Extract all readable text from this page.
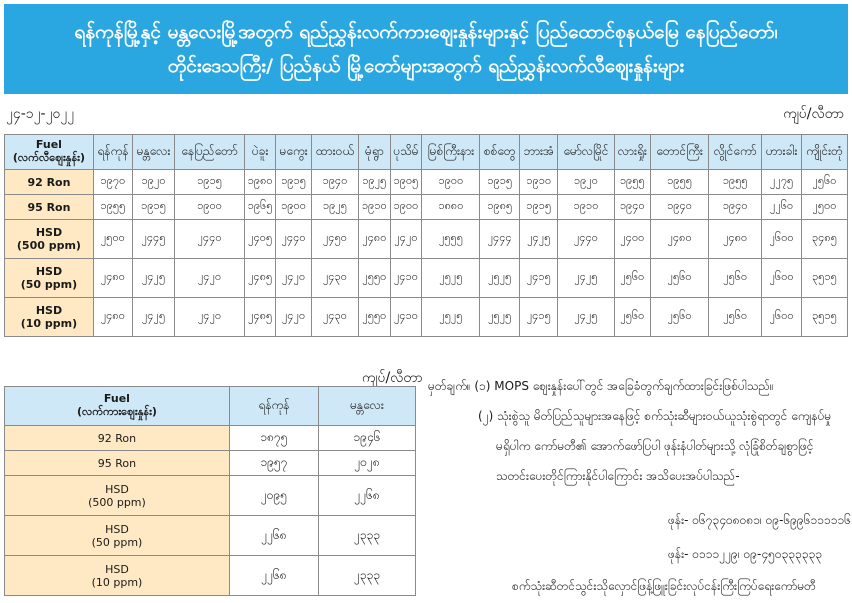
ရန်ကုန်မြို့နှင့် မန္တလေးမြို့အတွက် ရည်ညွှန်းလက်ကားဈေးနှုန်းများနှင့် ပြည်ထောင်စုနယ်မြေ နေပြည်တော်၊
တိုင်းဒေသကြီး/ ပြည်နယ် မြို့တော်များအတွက် ရည်ညွှန်းလက်လီဈေးနှုန်းများ
၂၄-၁၂-၂၀၂၂	ကျပ်/လီတာ
Fuel
(လက်လီဈေးနှုန်း)	ရန်ကုန်	မန္တလေး	နေပြည်တော်	ပဲခူး	မကွေး	ထားဝယ်	မုံရွာ	ပုသိမ်	မြစ်ကြီးနား	စစ်တွေ	ဘားအံ	မော်လမြိုင်	လားရှိုး	တောင်ကြီး	လွိုင်ကော်	ဟားခါး	ကျိုင်းတုံ

92 Ron	၁၉၇၀	၁၉၂၀	၁၉၁၅	၁၉၈၀	၁၉၁၅	၁၉၄၀	၁၉၂၅	၁၉၀၅	၁၉၀၀	၁၉၁၅	၁၉၁၀	၁၉၂၀	၁၉၅၅	၁၉၅၅	၁၉၅၅	၂၂၇၅	၂၅၆၀

95 Ron	၁၉၅၅	၁၉၁၅	၁၉၀၀	၁၉၆၅	၁၉၀၀	၁၉၂၅	၁၉၁၀	၁၉၀၀	၁၈၈၀	၁၉၈၅	၁၉၁၅	၁၉၁၀	၁၉၄၀	၁၉၄၀	၁၉၄၀	၂၂၆၀	၂၅၀၀

HSD
(500 ppm)	၂၅၀၀	၂၄၄၅	၂၄၄၀	၂၄၀၅	၂၄၄၀	၂၄၅၀	၂၄၈၀	၂၄၂၀	၂၅၅၅	၂၄၄၄	၂၄၂၅	၂၄၄၀	၂၄၀၀	၂၄၈၀	၂၄၈၀	၂၆၀၀	၃၄၈၅

HSD
(50 ppm)	၂၄၈၀	၂၄၂၅	၂၄၂၀	၂၄၈၅	၂၄၂၀	၂၄၃၀	၂၅၅၀	၂၄၁၀	၂၅၂၅	၂၅၂၅	၂၄၁၅	၂၄၂၅	၂၅၆၀	၂၅၆၀	၂၅၆၀	၂၆၀၀	၃၅၁၅

HSD
(10 ppm)	၂၄၈၀	၂၄၂၅	၂၄၂၀	၂၄၈၅	၂၄၂၀	၂၄၃၀	၂၅၅၀	၂၄၁၀	၂၅၂၅	၂၅၂၅	၂၄၁၅	၂၄၂၅	၂၅၆၀	၂၅၆၀	၂၅၆၀	၂၆၀၀	၃၅၁၅
ကျပ်/လီတာ
Fuel
(လက်ကားဈေးနှုန်း)	ရန်ကုန်	မန္တလေး

92 Ron	၁၈၇၅	၁၉၄၆

95 Ron	၁၉၅၇	၂၀၂၈

HSD
(500 ppm)	၂၀၉၅	၂၂၆၈

HSD
(50 ppm)	၂၂၆၈	၂၃၃၃

HSD
(10 ppm)	၂၂၆၈	၂၃၃၃
မှတ်ချက်။ (၁) MOPS ဈေးနှုန်းပေါ်တွင် အခြေခံတွက်ချက်ထားခြင်းဖြစ်ပါသည်။
(၂) သုံးစွဲသူ မိတ်ပြည်သူများအနေဖြင့် စက်သုံးဆီများဝယ်ယူသုံးစွဲရာတွင် ကျေနပ်မှု
မရှိပါက ကော်မတီ၏ အောက်ဖော်ပြပါ ဖုန်းနံပါတ်များသို့ လုံခြုံစိတ်ချစွာဖြင့်
သတင်းပေးတိုင်ကြားနိုင်ပါကြောင်း အသိပေးအပ်ပါသည်-
ဖုန်း- ၀၆၇၃၄၀၈၀၈၁၊ ၀၉-၆၉၉၆၁၁၁၁၁၆
ဖုန်း- ၀၁၁၁၂၂၉၊ ၀၉-၄၅၀၃၃၃၃၃၃
စက်သုံးဆီတင်သွင်းသိုလှောင်ဖြန့်ဖြူးခြင်းလုပ်ငန်းကြီးကြပ်ရေးကော်မတီ
